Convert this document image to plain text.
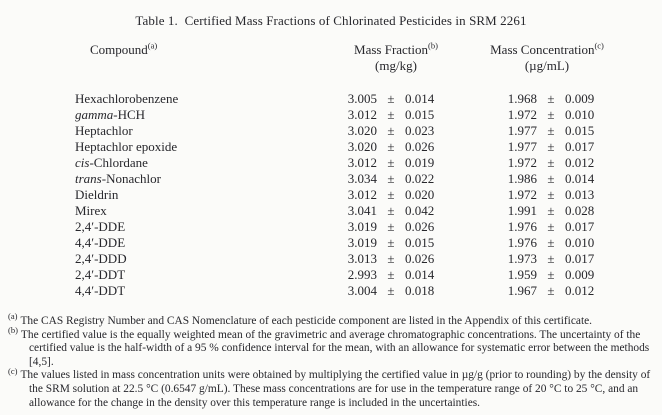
Table 1.  Certified Mass Fractions of Chlorinated Pesticides in SRM 2261
Compound$^{(a)}$	Mass Fraction$^{(b)}$	Mass Concentration$^{(c)}$
(mg/kg)	(µg/mL)
Hexachlorobenzene	3.005 ± 0.014	1.968 ± 0.009
gamma-HCH	3.012 ± 0.015	1.972 ± 0.010
Heptachlor	3.020 ± 0.023	1.977 ± 0.015
Heptachlor epoxide	3.020 ± 0.026	1.977 ± 0.017
cis-Chlordane	3.012 ± 0.019	1.972 ± 0.012
trans-Nonachlor	3.034 ± 0.022	1.986 ± 0.014
Dieldrin	3.012 ± 0.020	1.972 ± 0.013
Mirex	3.041 ± 0.042	1.991 ± 0.028
2,4′-DDE	3.019 ± 0.026	1.976 ± 0.017
4,4′-DDE	3.019 ± 0.015	1.976 ± 0.010
2,4′-DDD	3.013 ± 0.026	1.973 ± 0.017
2,4′-DDT	2.993 ± 0.014	1.959 ± 0.009
4,4′-DDT	3.004 ± 0.018	1.967 ± 0.012
$^{(a)}$ The CAS Registry Number and CAS Nomenclature of each pesticide component are listed in the Appendix of this certificate.
$^{(b)}$ The certified value is the equally weighted mean of the gravimetric and average chromatographic concentrations. The uncertainty of the certified value is the half-width of a 95 % confidence interval for the mean, with an allowance for systematic error between the methods [4,5].
$^{(c)}$ The values listed in mass concentration units were obtained by multiplying the certified value in µg/g (prior to rounding) by the density of the SRM solution at 22.5 °C (0.6547 g/mL). These mass concentrations are for use in the temperature range of 20 °C to 25 °C, and an allowance for the change in the density over this temperature range is included in the uncertainties.
